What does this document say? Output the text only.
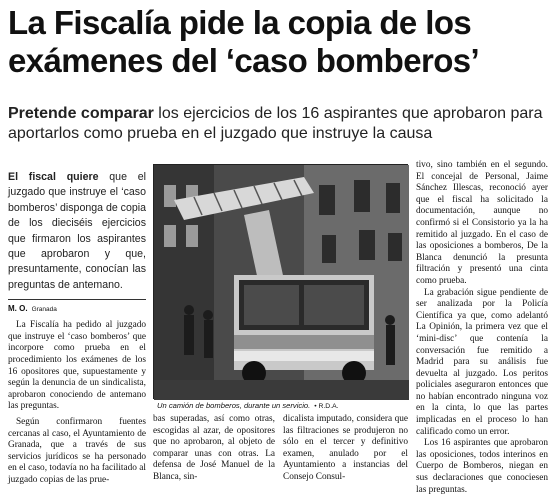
La Fiscalía pide la copia de los exámenes del ‘caso bomberos’

Pretende comparar los ejercicios de los 16 aspirantes que aprobaron para aportarlos como prueba en el juzgado que instruye la causa

El fiscal quiere que el juzgado que instruye el ‘caso bomberos’ disponga de copia de los dieciséis ejercicios que firmaron los aspirantes que aprobaron y que, presuntamente, conocían las preguntas de antemano.

M. O. Granada

La Fiscalía ha pedido al juzgado que instruye el ‘caso bomberos’ que incorpore como prueba en el procedimiento los exámenes de los 16 opositores que, supuestamente y según la denuncia de un sindicalista, aprobaron conociendo de antemano las preguntas.

Según confirmaron fuentes cercanas al caso, el Ayuntamiento de Granada, que a través de sus servicios jurídicos se ha personado en el caso, todavía no ha facilitado al juzgado copias de las prue-

Un camión de bomberos, durante un servicio. • R.D.A.

bas superadas, así como otras, escogidas al azar, de opositores que no aprobaron, al objeto de comparar unas con otras. La defensa de José Manuel de la Blanca, sin-

dicalista imputado, considera que las filtraciones se produjeron no sólo en el tercer y definitivo examen, anulado por el Ayuntamiento a instancias del Consejo Consul-

tivo, sino también en el segundo. El concejal de Personal, Jaime Sánchez Illescas, reconoció ayer que el fiscal ha solicitado la documentación, aunque no confirmó si el Consistorio ya la ha remitido al juzgado. En el caso de las oposiciones a bomberos, De la Blanca denunció la presunta filtración y presentó una cinta como prueba.

La grabación sigue pendiente de ser analizada por la Policía Científica ya que, como adelantó La Opinión, la primera vez que el ‘mini-disc’ que contenía la conversación fue remitido a Madrid para su análisis fue devuelta al juzgado. Los peritos policiales aseguraron entonces que no habían encontrado ninguna voz en la cinta, lo que las partes implicadas en el proceso lo han calificado como un error.

Los 16 aspirantes que aprobaron las oposiciones, todos interinos en Cuerpo de Bomberos, niegan en sus declaraciones que conociesen las preguntas.
